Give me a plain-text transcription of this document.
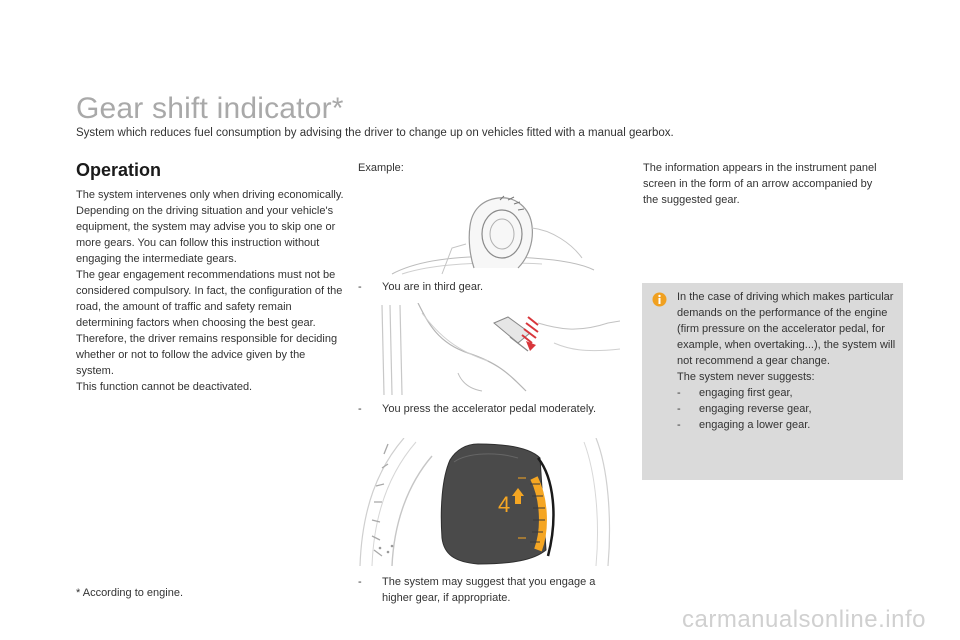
Gear shift indicator*
System which reduces fuel consumption by advising the driver to change up on vehicles fitted with a manual gearbox.
Operation
The system intervenes only when driving economically.
Depending on the driving situation and your vehicle's equipment, the system may advise you to skip one or more gears. You can follow this instruction without engaging the intermediate gears.
The gear engagement recommendations must not be considered compulsory. In fact, the configuration of the road, the amount of traffic and safety remain determining factors when choosing the best gear. Therefore, the driver remains responsible for deciding whether or not to follow the advice given by the system.
This function cannot be deactivated.
Example:
-	You are in third gear.
-	You press the accelerator pedal moderately.
4
-	The system may suggest that you engage a higher gear, if appropriate.
The information appears in the instrument panel screen in the form of an arrow accompanied by the suggested gear.
In the case of driving which makes particular demands on the performance of the engine (firm pressure on the accelerator pedal, for example, when overtaking...), the system will not recommend a gear change.
The system never suggests:
- engaging first gear,
- engaging reverse gear,
- engaging a lower gear.
* According to engine.
carmanualsonline.info
